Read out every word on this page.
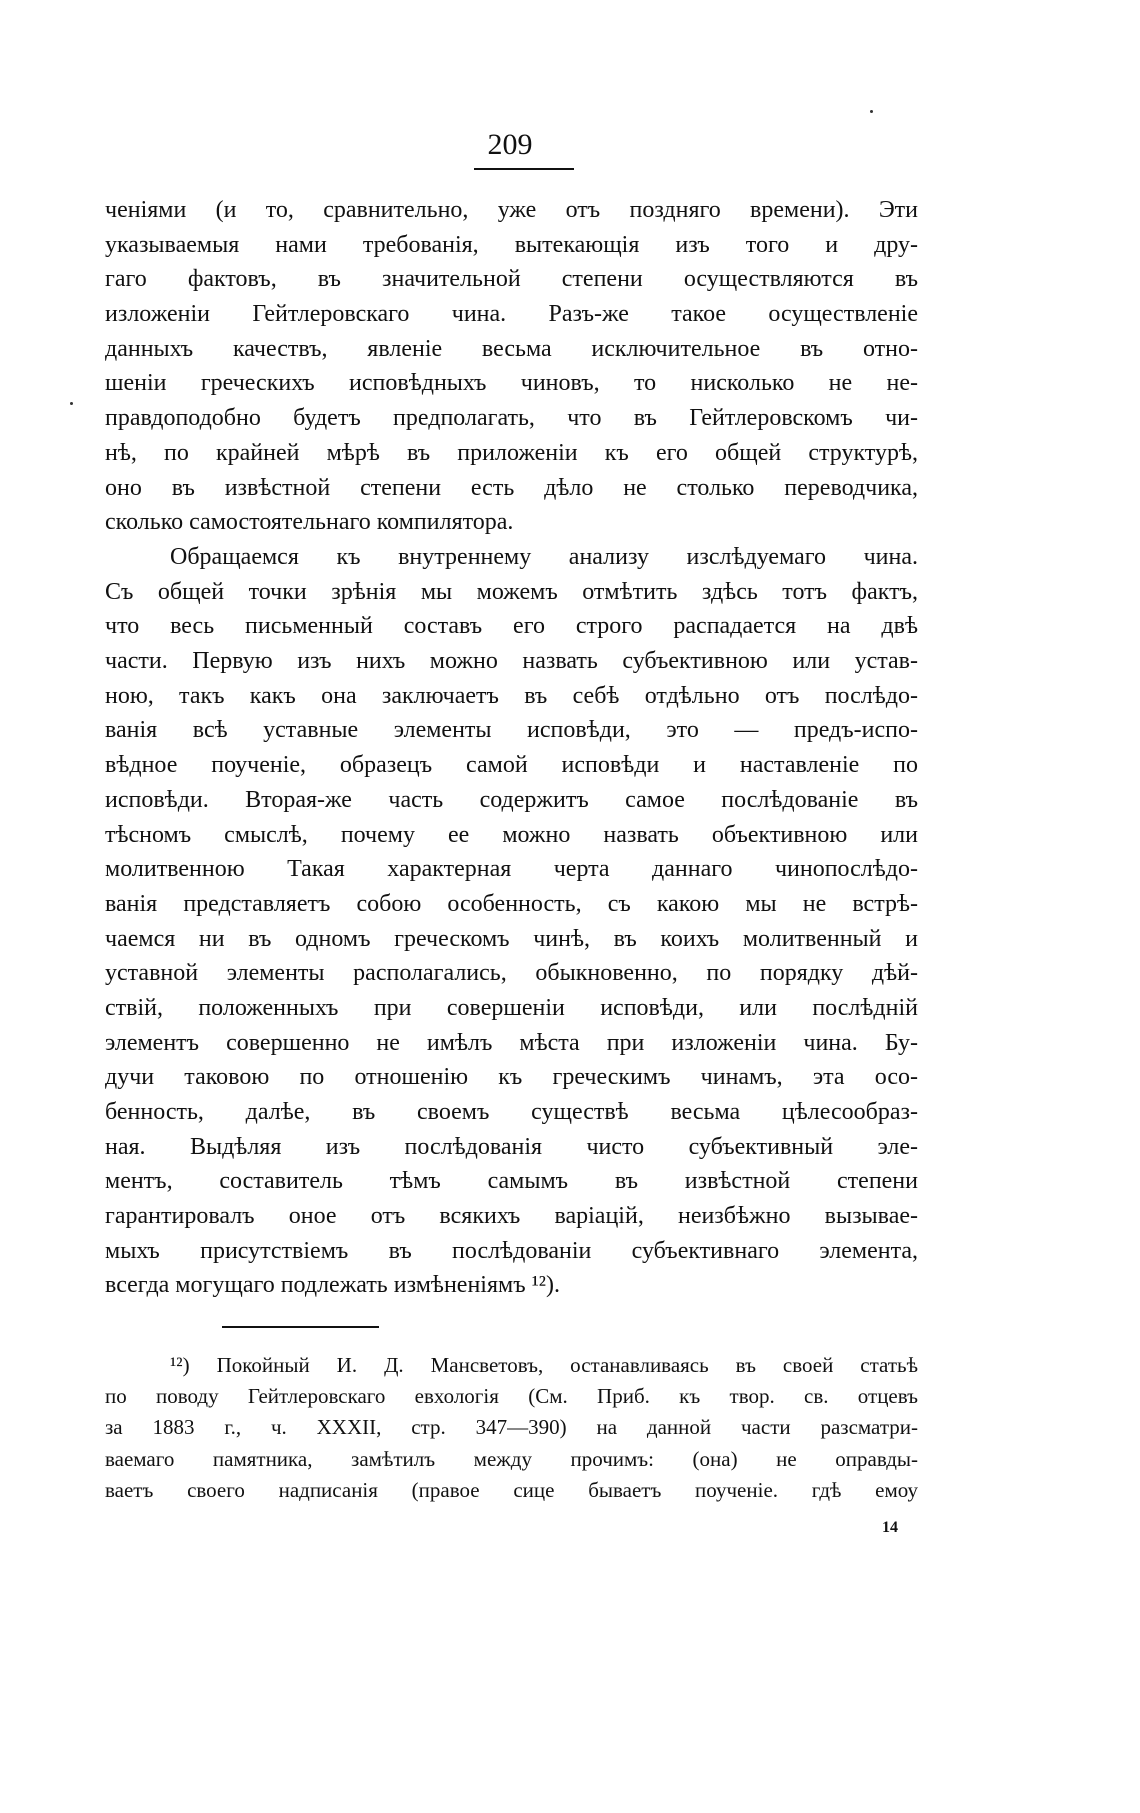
209
ченіями (и то, сравнительно, уже отъ поздняго времени). Эти
указываемыя нами требованія, вытекающія изъ того и дру-
гаго фактовъ, въ значительной степени осуществляются въ
изложеніи Гейтлеровскаго чина. Разъ-же такое осуществленіе
данныхъ качествъ, явленіе весьма исключительное въ отно-
шеніи греческихъ исповѣдныхъ чиновъ, то нисколько не не-
правдоподобно будетъ предполагать, что въ Гейтлеровскомъ чи-
нѣ, по крайней мѣрѣ въ приложеніи къ его общей структурѣ,
оно въ извѣстной степени есть дѣло не столько переводчика,
сколько самостоятельнаго компилятора.
Обращаемся къ внутреннему анализу изслѣдуемаго чина.
Съ общей точки зрѣнія мы можемъ отмѣтить здѣсь тотъ фактъ,
что весь письменный составъ его строго распадается на двѣ
части. Первую изъ нихъ можно назвать субъективною или устав-
ною, такъ какъ она заключаетъ въ себѣ отдѣльно отъ послѣдо-
ванія всѣ уставные элементы исповѣди, это — предъ-испо-
вѣдное поученіе, образецъ самой исповѣди и наставленіе по
исповѣди. Вторая-же часть содержитъ самое послѣдованіе въ
тѣсномъ смыслѣ, почему ее можно назвать объективною или
молитвенною Такая характерная черта даннаго чинопослѣдо-
ванія представляетъ собою особенность, съ какою мы не встрѣ-
чаемся ни въ одномъ греческомъ чинѣ, въ коихъ молитвенный и
уставной элементы располагались, обыкновенно, по порядку дѣй-
ствій, положенныхъ при совершеніи исповѣди, или послѣдній
элементъ совершенно не имѣлъ мѣста при изложеніи чина. Бу-
дучи таковою по отношенію къ греческимъ чинамъ, эта осо-
бенность, далѣе, въ своемъ существѣ весьма цѣлесообраз-
ная. Выдѣляя изъ послѣдованія чисто субъективный эле-
ментъ, составитель тѣмъ самымъ въ извѣстной степени
гарантировалъ оное отъ всякихъ варіацій, неизбѣжно вызывае-
мыхъ присутствіемъ въ послѣдованіи субъективнаго элемента,
всегда могущаго подлежать измѣненіямъ ¹²).
¹²) Покойный И. Д. Мансветовъ, останавливаясь въ своей статьѣ
по поводу Гейтлеровскаго евхологія (См. Приб. къ твор. св. отцевъ
за 1883 г., ч. XXXII, стр. 347—390) на данной части разсматри-
ваемаго памятника, замѣтилъ между прочимъ: (она) не оправды-
ваетъ своего надписанія (правое сице бываетъ поученіе. гдѣ емоу
14
